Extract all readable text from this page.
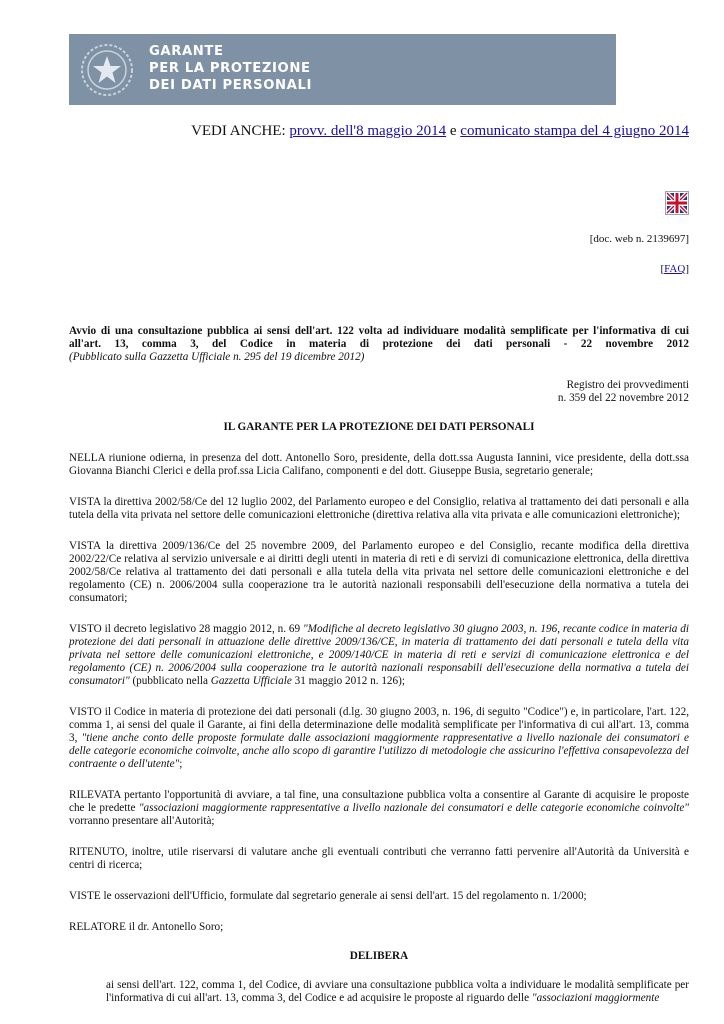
GARANTE
PER LA PROTEZIONE
DEI DATI PERSONALI
VEDI ANCHE: provv. dell'8 maggio 2014 e comunicato stampa del 4 giugno 2014
[doc. web n. 2139697]
[FAQ]

Avvio di una consultazione pubblica ai sensi dell'art. 122 volta ad individuare modalità semplificate per l'informativa di cui all'art. 13, comma 3, del Codice in materia di protezione dei dati personali - 22 novembre 2012

(Pubblicato sulla Gazzetta Ufficiale n. 295 del 19 dicembre 2012)

Registro dei provvedimenti
n. 359 del 22 novembre 2012

IL GARANTE PER LA PROTEZIONE DEI DATI PERSONALI

NELLA riunione odierna, in presenza del dott. Antonello Soro, presidente, della dott.ssa Augusta Iannini, vice presidente, della dott.ssa Giovanna Bianchi Clerici e della prof.ssa Licia Califano, componenti e del dott. Giuseppe Busia, segretario generale;

VISTA la direttiva 2002/58/Ce del 12 luglio 2002, del Parlamento europeo e del Consiglio, relativa al trattamento dei dati personali e alla tutela della vita privata nel settore delle comunicazioni elettroniche (direttiva relativa alla vita privata e alle comunicazioni elettroniche);

VISTA la direttiva 2009/136/Ce del 25 novembre 2009, del Parlamento europeo e del Consiglio, recante modifica della direttiva 2002/22/Ce relativa al servizio universale e ai diritti degli utenti in materia di reti e di servizi di comunicazione elettronica, della direttiva 2002/58/Ce relativa al trattamento dei dati personali e alla tutela della vita privata nel settore delle comunicazioni elettroniche e del regolamento (CE) n. 2006/2004 sulla cooperazione tra le autorità nazionali responsabili dell'esecuzione della normativa a tutela dei consumatori;

VISTO il decreto legislativo 28 maggio 2012, n. 69 "Modifiche al decreto legislativo 30 giugno 2003, n. 196, recante codice in materia di protezione dei dati personali in attuazione delle direttive 2009/136/CE, in materia di trattamento dei dati personali e tutela della vita privata nel settore delle comunicazioni elettroniche, e 2009/140/CE in materia di reti e servizi di comunicazione elettronica e del regolamento (CE) n. 2006/2004 sulla cooperazione tra le autorità nazionali responsabili dell'esecuzione della normativa a tutela dei consumatori" (pubblicato nella Gazzetta Ufficiale 31 maggio 2012 n. 126);

VISTO il Codice in materia di protezione dei dati personali (d.lg. 30 giugno 2003, n. 196, di seguito "Codice") e, in particolare, l'art. 122, comma 1, ai sensi del quale il Garante, ai fini della determinazione delle modalità semplificate per l'informativa di cui all'art. 13, comma 3, "tiene anche conto delle proposte formulate dalle associazioni maggiormente rappresentative a livello nazionale dei consumatori e delle categorie economiche coinvolte, anche allo scopo di garantire l'utilizzo di metodologie che assicurino l'effettiva consapevolezza del contraente o dell'utente";

RILEVATA pertanto l'opportunità di avviare, a tal fine, una consultazione pubblica volta a consentire al Garante di acquisire le proposte che le predette "associazioni maggiormente rappresentative a livello nazionale dei consumatori e delle categorie economiche coinvolte" vorranno presentare all'Autorità;

RITENUTO, inoltre, utile riservarsi di valutare anche gli eventuali contributi che verranno fatti pervenire all'Autorità da Università e centri di ricerca;

VISTE le osservazioni dell'Ufficio, formulate dal segretario generale ai sensi dell'art. 15 del regolamento n. 1/2000;

RELATORE il dr. Antonello Soro;

DELIBERA

ai sensi dell'art. 122, comma 1, del Codice, di avviare una consultazione pubblica volta a individuare le modalità semplificate per l'informativa di cui all'art. 13, comma 3, del Codice e ad acquisire le proposte al riguardo delle "associazioni maggiormente
